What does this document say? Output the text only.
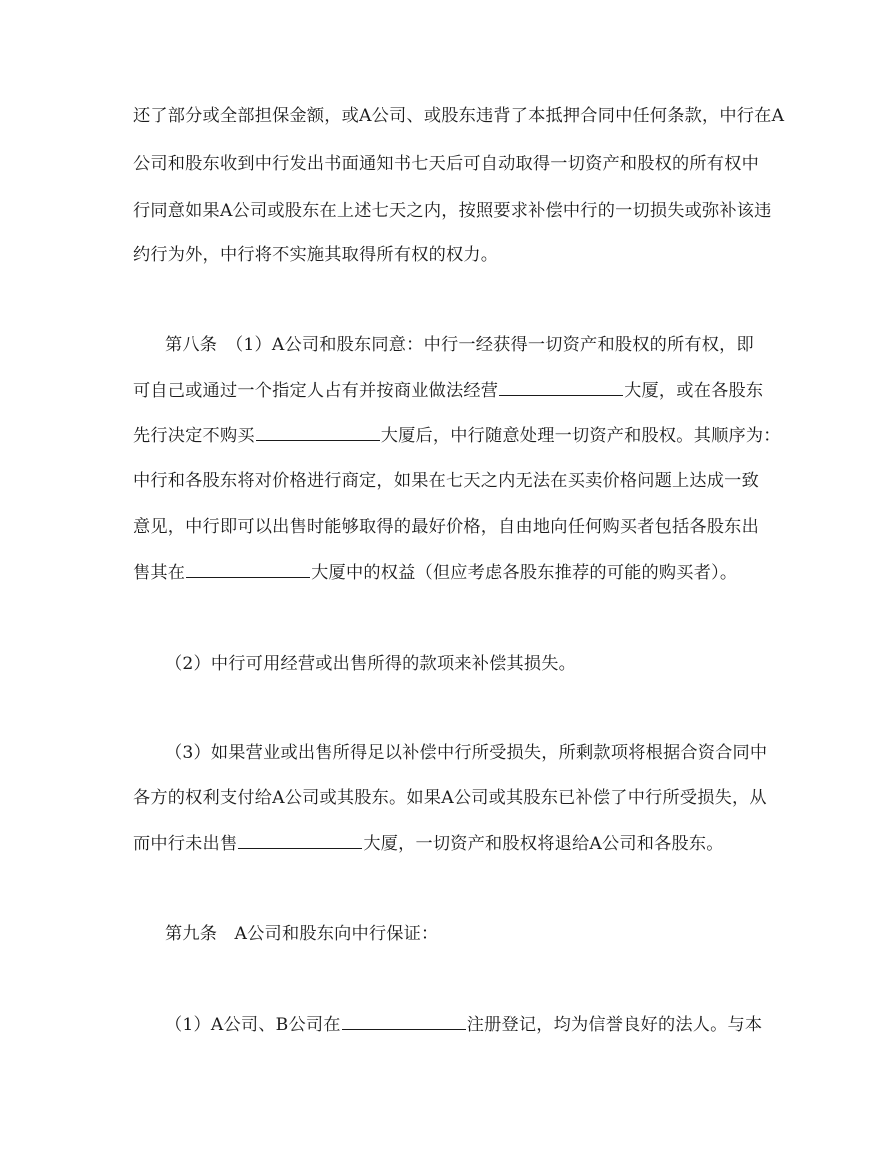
还了部分或全部担保金额，或A公司、或股东违背了本抵押合同中任何条款，中行在A
公司和股东收到中行发出书面通知书七天后可自动取得一切资产和股权的所有权中
行同意如果A公司或股东在上述七天之内，按照要求补偿中行的一切损失或弥补该违
约行为外，中行将不实施其取得所有权的权力。
第八条　（1）A公司和股东同意：中行一经获得一切资产和股权的所有权，即
可自己或通过一个指定人占有并按商业做法经营	大厦，或在各股东
先行决定不购买	大厦后，中行随意处理一切资产和股权。其顺序为：
中行和各股东将对价格进行商定，如果在七天之内无法在买卖价格问题上达成一致
意见，中行即可以出售时能够取得的最好价格，自由地向任何购买者包括各股东出
售其在	大厦中的权益（但应考虑各股东推荐的可能的购买者）。
（2）中行可用经营或出售所得的款项来补偿其损失。
（3）如果营业或出售所得足以补偿中行所受损失，所剩款项将根据合资合同中
各方的权利支付给A公司或其股东。如果A公司或其股东已补偿了中行所受损失，从
而中行未出售	大厦，一切资产和股权将退给A公司和各股东。
第九条　A公司和股东向中行保证：
（1）A公司、B公司在	注册登记，均为信誉良好的法人。与本
